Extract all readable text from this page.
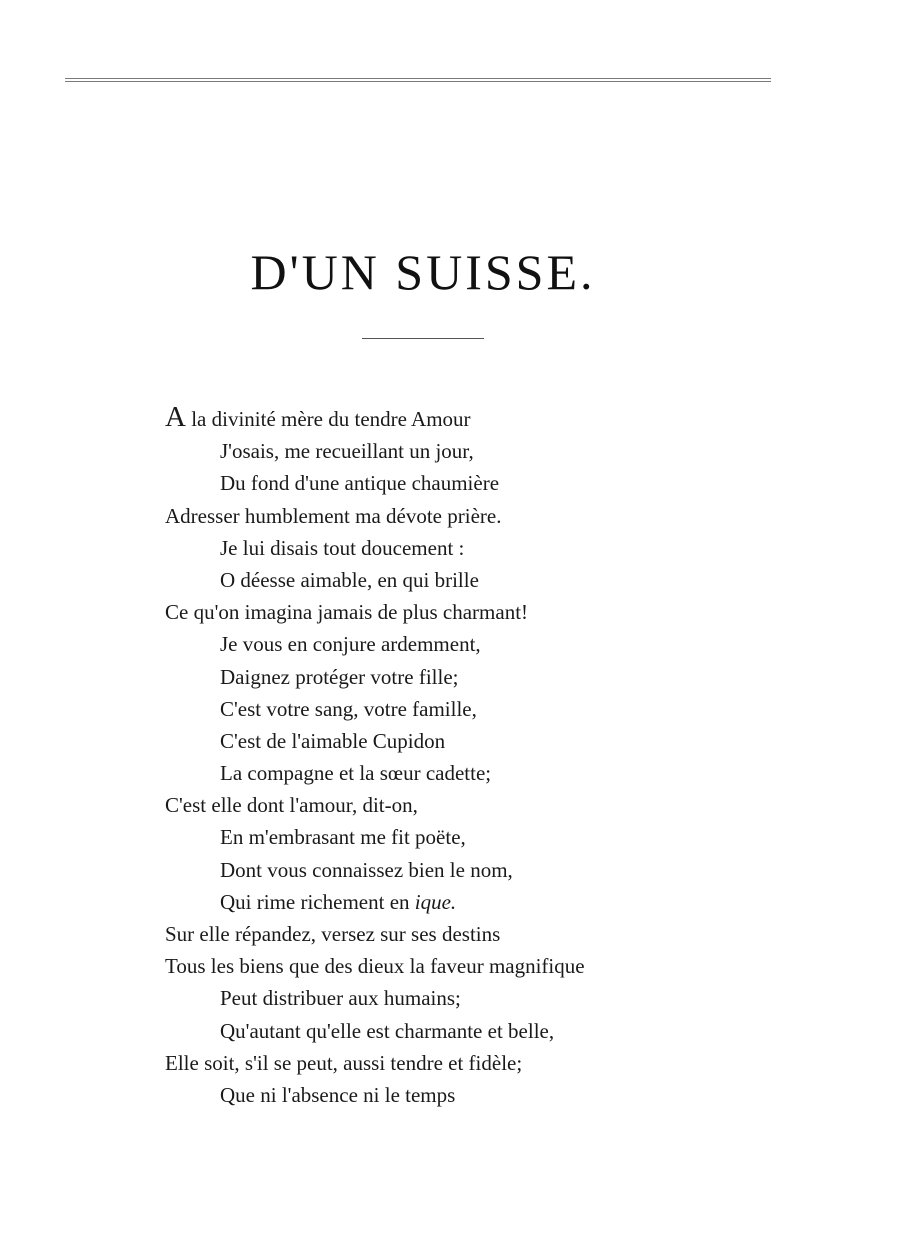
D'UN SUISSE.
A la divinité mère du tendre Amour
J'osais, me recueillant un jour,
Du fond d'une antique chaumière
Adresser humblement ma dévote prière.
Je lui disais tout doucement :
O déesse aimable, en qui brille
Ce qu'on imagina jamais de plus charmant!
Je vous en conjure ardemment,
Daignez protéger votre fille;
C'est votre sang, votre famille,
C'est de l'aimable Cupidon
La compagne et la sœur cadette;
C'est elle dont l'amour, dit-on,
En m'embrasant me fit poëte,
Dont vous connaissez bien le nom,
Qui rime richement en ique.
Sur elle répandez, versez sur ses destins
Tous les biens que des dieux la faveur magnifique
Peut distribuer aux humains;
Qu'autant qu'elle est charmante et belle,
Elle soit, s'il se peut, aussi tendre et fidèle;
Que ni l'absence ni le temps
